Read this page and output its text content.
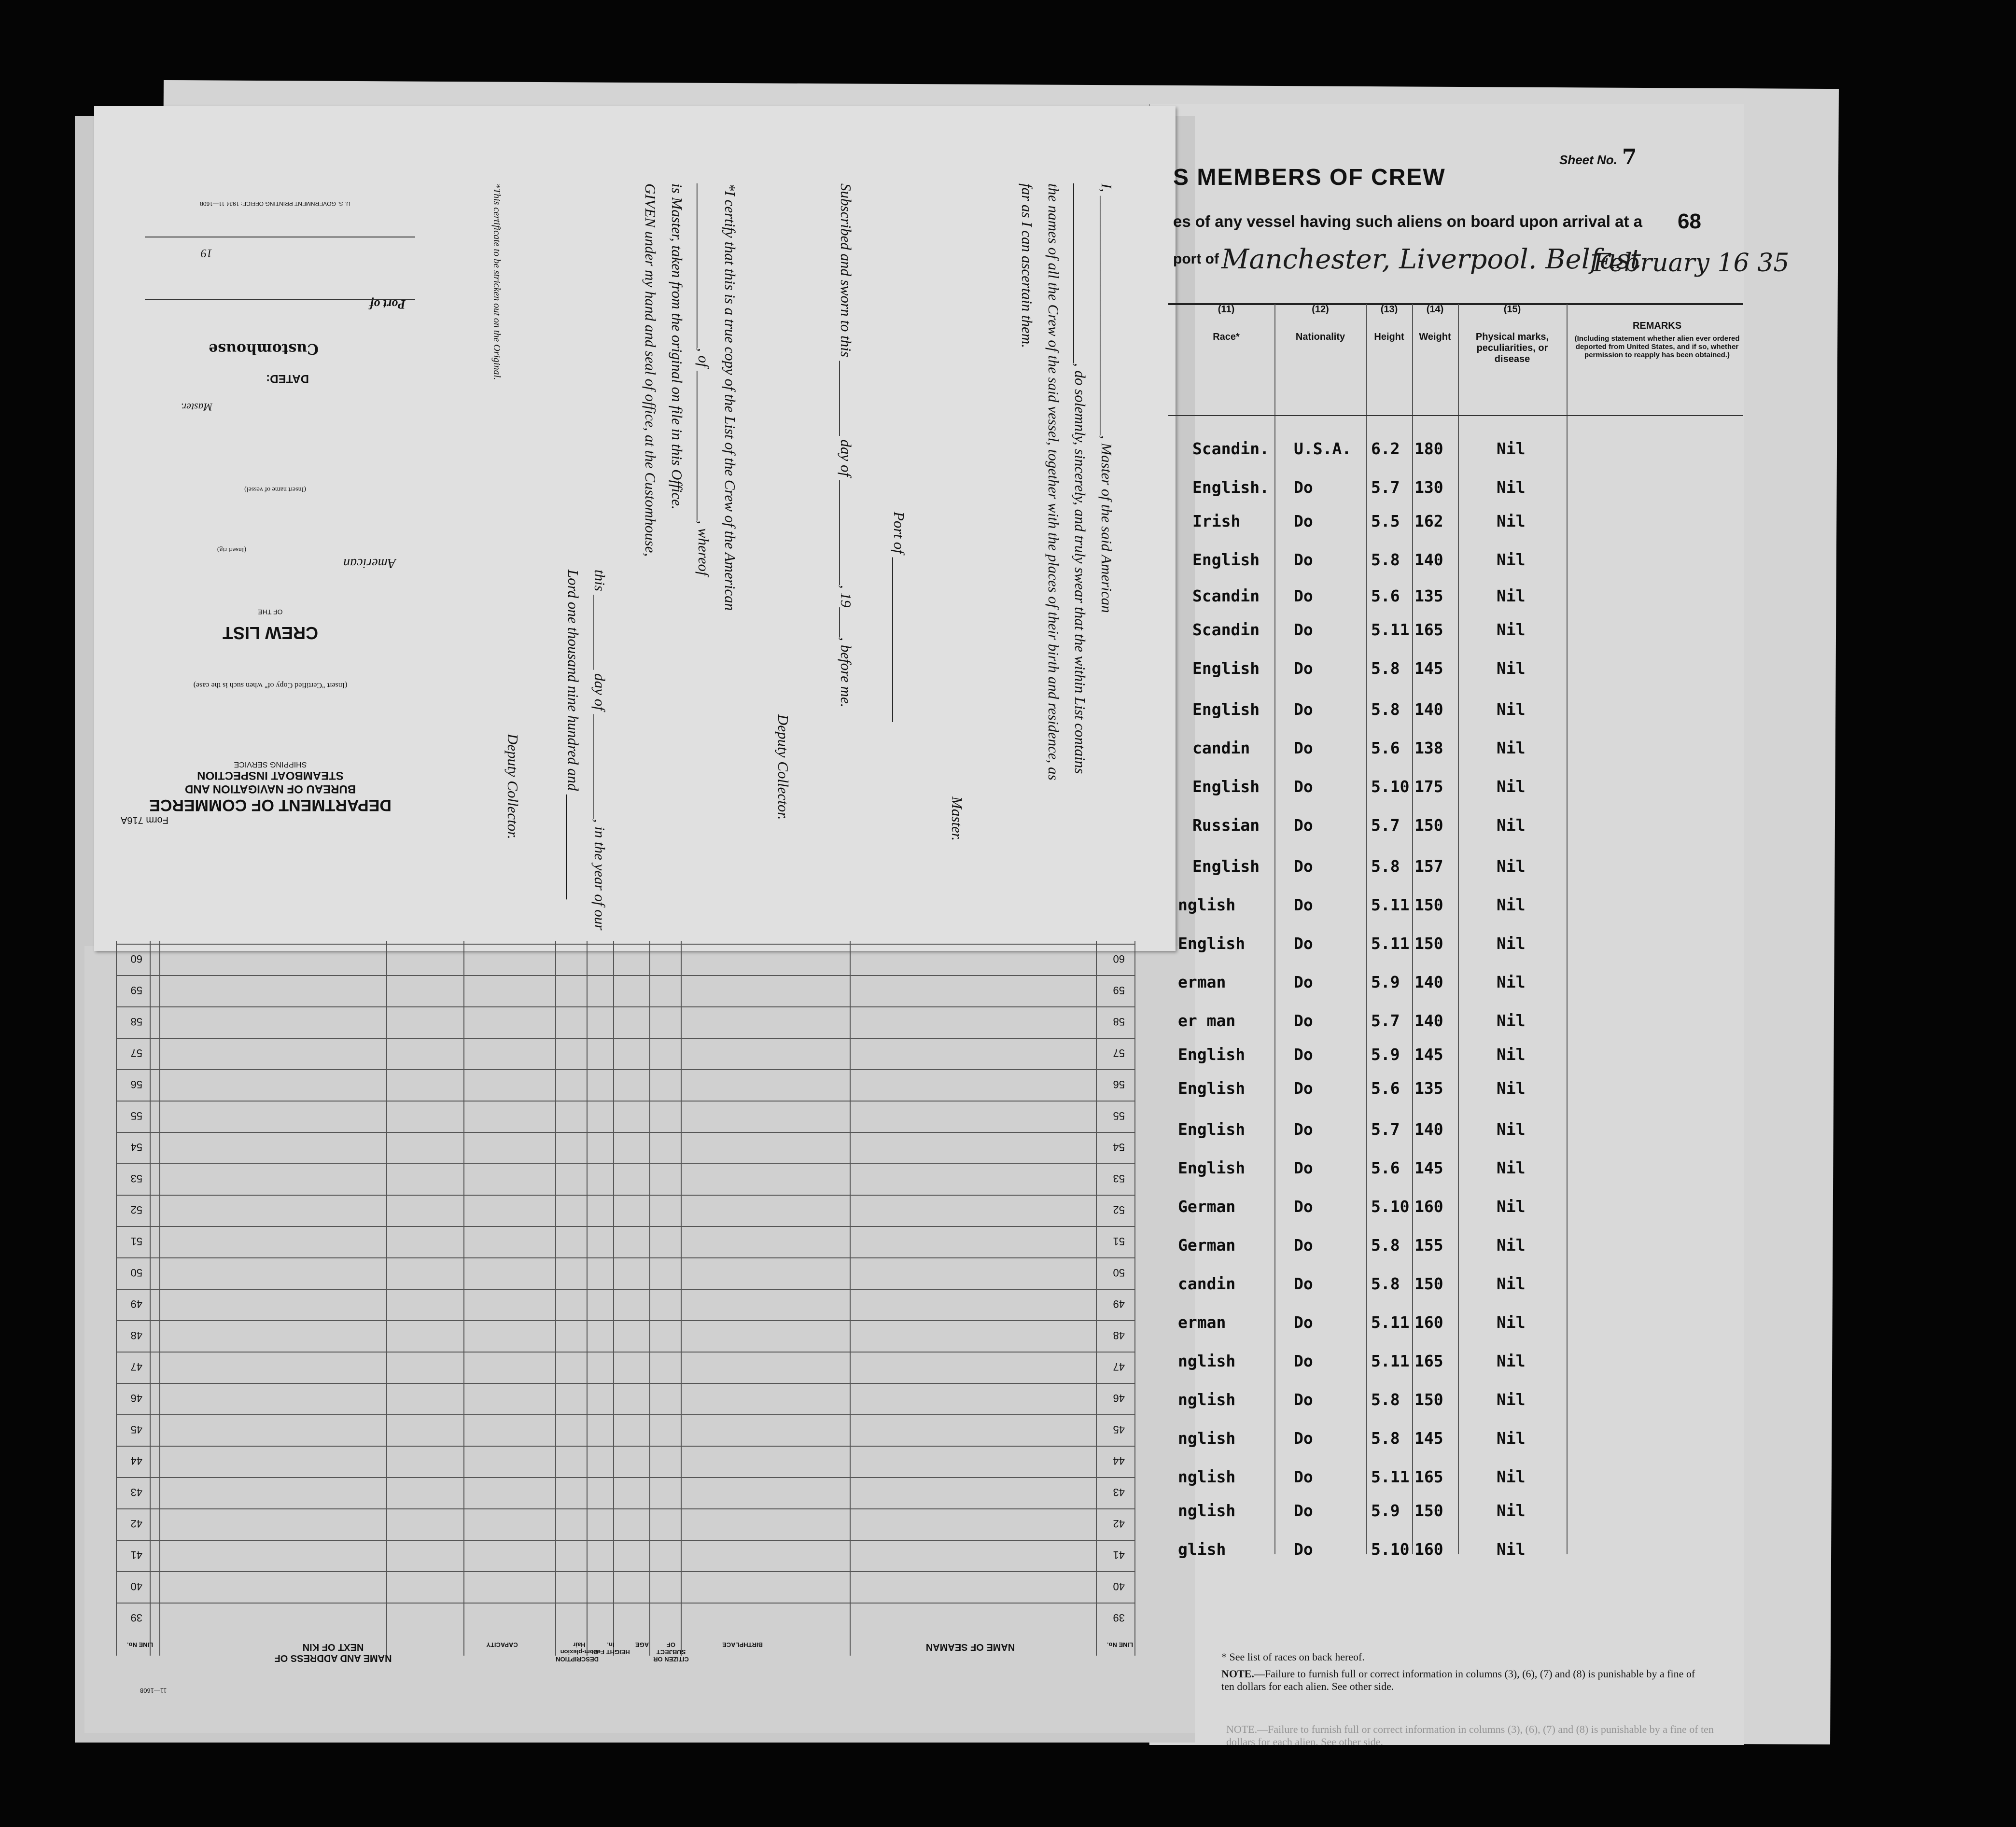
Sheet No. 7
S MEMBERS OF CREW
es of any vessel having such aliens on board upon arrival at a 68
port of Manchester, Liverpool. Belfast
February 16 35
(11)
Race*
(12)
Nationality
(13)
Height
(14)
Weight
(15)
Physical marks, peculiarities, or disease
REMARKS
(Including statement whether alien ever ordered deported from United States, and if so, whether permission to reapply has been obtained.)
Scandin. U.S.A. 6.2 180	Nil
English. Do	5.7 130	Nil
Irish	Do	5.5 162	Nil
English Do	5.8 140	Nil
Scandin Do	5.6 135	Nil
Scandin Do	5.11 165	Nil
English Do	5.8 145	Nil
English Do	5.8 140	Nil
candin	Do	5.6 138	Nil
English Do	5.10 175	Nil
Russian Do	5.7 150	Nil
English Do	5.8 157	Nil
nglish	Do	5.11 150	Nil
English	Do	5.11 150	Nil
erman	Do	5.9 140	Nil
er man	Do	5.7 140	Nil
English	Do	5.9 145	Nil
English	Do	5.6 135	Nil
English	Do	5.7 140	Nil
English	Do	5.6 145	Nil
German	Do	5.10 160	Nil
German	Do	5.8 155	Nil
candin	Do	5.8 150	Nil
erman	Do	5.11 160	Nil
nglish	Do	5.11 165	Nil
nglish	Do	5.8 150	Nil
nglish	Do	5.8 145	Nil
nglish	Do	5.11 165	Nil
nglish	Do	5.9 150	Nil
glish	Do	5.10 160	Nil
* See list of races on back hereof.
NOTE.—Failure to furnish full or correct information in columns (3), (6), (7) and (8) is punishable by a fine of ten dollars for each alien. See other side.
NOTE.—Failure to furnish full or correct information in columns (3), (6), (7) and (8) is punishable by a fine of ten dollars for each alien. See other side.
Form 716A
DEPARTMENT OF COMMERCE
BUREAU OF NAVIGATION AND STEAMBOAT INSPECTION
SHIPPING SERVICE
(Insert "Certified Copy of" when such is the case)
CREW LIST
OF THE
American
(Insert rig)
(Insert name of vessel)
Master.
DATED:
Customhouse
Port of
19
U. S. GOVERNMENT PRINTING OFFICE: 1934 11—1608	I, ________________________________, Master of the said American
________________________, do solemnly, sincerely, and truly swear that the within List contains
the names of all the Crew of the said vessel, together with the places of their birth and residence, as
far as I can ascertain them.
Master.
Port of ______________________
Subscribed and sworn to this __________ day of ______________, 19____, before me.
Deputy Collector.
*I certify that this is a true copy of the List of the Crew of the American
______________________, of ____________________, whereof
is Master, taken from the original on file in this Office.
GIVEN under my hand and seal of office, at the Customhouse,
this __________ day of ______________, in the year of our
Lord one thousand nine hundred and ______________
Deputy Collector.
*This certificate to be stricken out on the Original.
60	60
59	59
58	58
57	57
56	56
55	55
54	54
53	53
52	52
51	51
50	50
49	49
48	48
47	47
46	46
45	45
44	44
43	43
42	42
41	41
40	40
39	39
LINE No.
NAME OF SEAMAN
BIRTHPLACE
CITIZEN OR SUBJECT OF
AGE
HEIGHT Feet In.
DESCRIPTION Com-plexion Hair
CAPACITY
NAME AND ADDRESS OF NEXT OF KIN
LINE No.
11—1608
